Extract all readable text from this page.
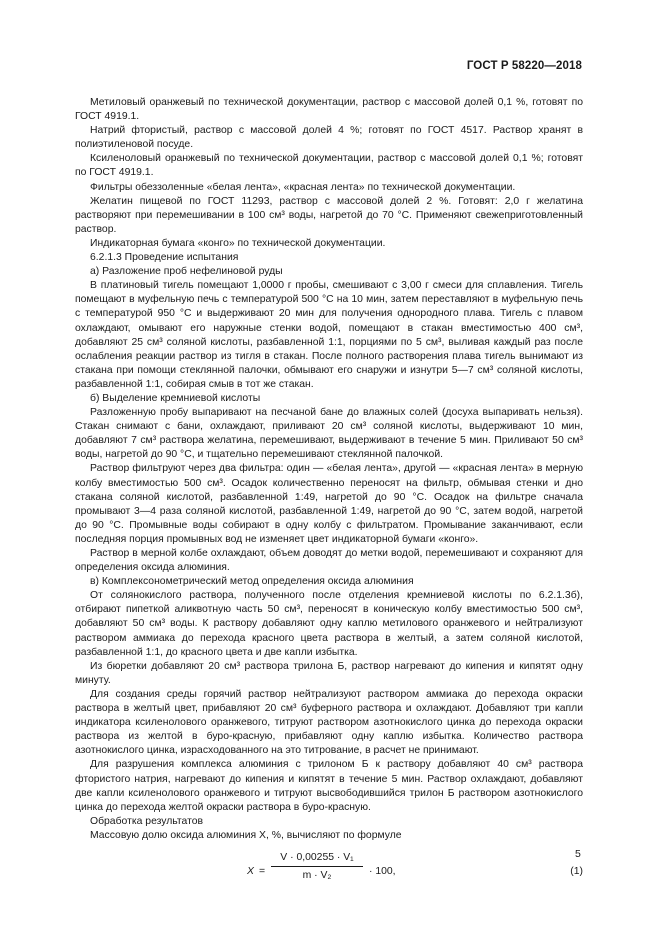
ГОСТ Р 58220—2018

Метиловый оранжевый по технической документации, раствор с массовой долей 0,1 %, готовят по ГОСТ 4919.1.

Натрий фтористый, раствор с массовой долей 4 %; готовят по ГОСТ 4517. Раствор хранят в полиэтиленовой посуде.

Ксиленоловый оранжевый по технической документации, раствор с массовой долей 0,1 %; готовят по ГОСТ 4919.1.

Фильтры обеззоленные «белая лента», «красная лента» по технической документации.

Желатин пищевой по ГОСТ 11293, раствор с массовой долей 2 %. Готовят: 2,0 г желатина растворяют при перемешивании в 100 см³ воды, нагретой до 70 °С. Применяют свежеприготовленный раствор.

Индикаторная бумага «конго» по технической документации.

6.2.1.3 Проведение испытания

а) Разложение проб нефелиновой руды

В платиновый тигель помещают 1,0000 г пробы, смешивают с 3,00 г смеси для сплавления. Тигель помещают в муфельную печь с температурой 500 °С на 10 мин, затем переставляют в муфельную печь с температурой 950 °С и выдерживают 20 мин для получения однородного плава. Тигель с плавом охлаждают, омывают его наружные стенки водой, помещают в стакан вместимостью 400 см³, добавляют 25 см³ соляной кислоты, разбавленной 1:1, порциями по 5 см³, выливая каждый раз после ослабления реакции раствор из тигля в стакан. После полного растворения плава тигель вынимают из стакана при помощи стеклянной палочки, обмывают его снаружи и изнутри 5—7 см³ соляной кислоты, разбавленной 1:1, собирая смыв в тот же стакан.

б) Выделение кремниевой кислоты

Разложенную пробу выпаривают на песчаной бане до влажных солей (досуха выпаривать нельзя). Стакан снимают с бани, охлаждают, приливают 20 см³ соляной кислоты, выдерживают 10 мин, добавляют 7 см³ раствора желатина, перемешивают, выдерживают в течение 5 мин. Приливают 50 см³ воды, нагретой до 90 °С, и тщательно перемешивают стеклянной палочкой.

Раствор фильтруют через два фильтра: один — «белая лента», другой — «красная лента» в мерную колбу вместимостью 500 см³. Осадок количественно переносят на фильтр, обмывая стенки и дно стакана соляной кислотой, разбавленной 1:49, нагретой до 90 °С. Осадок на фильтре сначала промывают 3—4 раза соляной кислотой, разбавленной 1:49, нагретой до 90 °С, затем водой, нагретой до 90 °С. Промывные воды собирают в одну колбу с фильтратом. Промывание заканчивают, если последняя порция промывных вод не изменяет цвет индикаторной бумаги «конго».

Раствор в мерной колбе охлаждают, объем доводят до метки водой, перемешивают и сохраняют для определения оксида алюминия.

в) Комплексонометрический метод определения оксида алюминия

От солянокислого раствора, полученного после отделения кремниевой кислоты по 6.2.1.3б), отбирают пипеткой аликвотную часть 50 см³, переносят в коническую колбу вместимостью 500 см³, добавляют 50 см³ воды. К раствору добавляют одну каплю метилового оранжевого и нейтрализуют раствором аммиака до перехода красного цвета раствора в желтый, а затем соляной кислотой, разбавленной 1:1, до красного цвета и две капли избытка.

Из бюретки добавляют 20 см³ раствора трилона Б, раствор нагревают до кипения и кипятят одну минуту.

Для создания среды горячий раствор нейтрализуют раствором аммиака до перехода окраски раствора в желтый цвет, прибавляют 20 см³ буферного раствора и охлаждают. Добавляют три капли индикатора ксиленолового оранжевого, титруют раствором азотнокислого цинка до перехода окраски раствора из желтой в буро-красную, прибавляют одну каплю избытка. Количество раствора азотнокислого цинка, израсходованного на это титрование, в расчет не принимают.

Для разрушения комплекса алюминия с трилоном Б к раствору добавляют 40 см³ раствора фтористого натрия, нагревают до кипения и кипятят в течение 5 мин. Раствор охлаждают, добавляют две капли ксиленолового оранжевого и титруют высвободившийся трилон Б раствором азотнокислого цинка до перехода желтой окраски раствора в буро-красную.

Обработка результатов

Массовую долю оксида алюминия X, %, вычисляют по формуле

X =
V · 0,00255 · V₁
m · V₂	· 100,	(1)
5
